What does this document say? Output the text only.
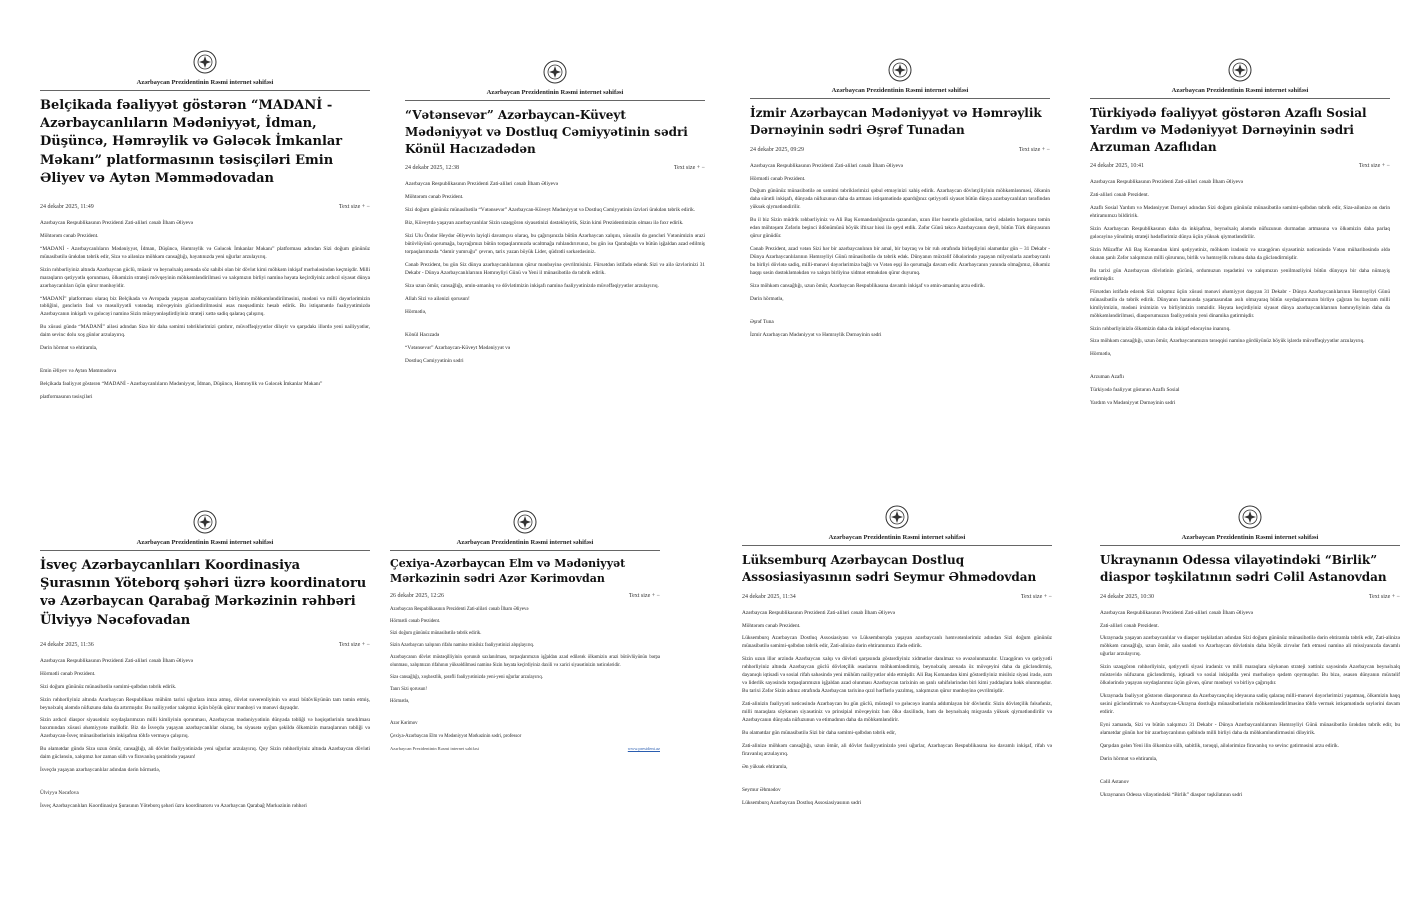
Azərbaycan Prezidentinin Rəsmi internet səhifəsi
Belçikada fəaliyyət göstərən “MADANİ - Azərbaycanlıların Mədəniyyət, İdman, Düşüncə, Həmrəylik və Gələcək İmkanlar Məkanı” platformasının təsisçiləri Emin Əliyev və Aytən Məmmədovadan
24 dekabr 2025, 11:49	Text size + −

Azərbaycan Respublikasının Prezidenti Zati-aliləri cənab İlham Əliyevə

Möhtərəm cənab Prezident.

“MADANİ - Azərbaycanlıların Mədəniyyət, İdman, Düşüncə, Həmrəylik və Gələcək İmkanlar Məkanı” platforması adından Sizi doğum gününüz münasibətilə ürəkdən təbrik edir, Sizə və ailənizə möhkəm cansağlığı, həyatınızda yeni uğurlar arzulayırıq.

Sizin rəhbərliyiniz altında Azərbaycan güclü, müasir və beynəlxalq arenada söz sahibi olan bir dövlət kimi möhkəm inkişaf mərhələsindən keçmişdir. Milli maraqların qətiyyətlə qorunması, ölkəmizin strateji mövqeyinin möhkəmləndirilməsi və xalqımızın birliyi naminə həyata keçirdiyiniz ardıcıl siyasət dünya azərbaycanlıları üçün qürur mənbəyidir.

“MADANİ” platforması olaraq biz Belçikada və Avropada yaşayan azərbaycanlıların birliyinin möhkəmləndirilməsini, mədəni və milli dəyərlərimizin təbliğini, gənclərin fəal və məsuliyyətli vətəndaş mövqeyinin gücləndirilməsini əsas məqsədimiz hesab edirik. Bu istiqamətdə fəaliyyətimizdə Azərbaycanın inkişafı və gələcəyi naminə Sizin müəyyənləşdirdiyiniz strateji xəttə sadiq qalaraq çalışırıq.

Bu xüsusi gündə “MADANİ” ailəsi adından Sizə bir daha səmimi təbriklərimizi çatdırır, müvəffəqiyyətlər diləyir və qarşıdakı illərdə yeni nailiyyətlər, daim sevinc dolu xoş günlər arzulayırıq.

Dərin hörmət və ehtiramla,

Emin Əliyev və Aytən Məmmədova

Belçikada fəaliyyət göstərən “MADANİ - Azərbaycanlıların Mədəniyyət, İdman, Düşüncə, Həmrəylik və Gələcək İmkanlar Məkanı”

platformasının təsisçiləri

Azərbaycan Prezidentinin Rəsmi internet səhifəsi
“Vətənsevər” Azərbaycan-Küveyt Mədəniyyət və Dostluq Cəmiyyətinin sədri Könül Hacızadədən
24 dekabr 2025, 12:38	Text size + −

Azərbaycan Respublikasının Prezidenti Zati-aliləri cənab İlham Əliyevə

Möhtərəm cənab Prezident.

Sizi doğum gününüz münasibətilə “Vətənsevər” Azərbaycan-Küveyt Mədəniyyət və Dostluq Cəmiyyətinin üzvləri ürəkdən təbrik edirik.

Biz, Küveytdə yaşayan azərbaycanlılar Sizin uzaqgörən siyasətinizi dəstəkləyirik, Sizin kimi Prezidentimizin olması ilə fəxr edirik.

Sizi Ulu Öndər Heydər Əliyevin layiqli davamçısı olaraq, bu çağırışınızla bütün Azərbaycan xalqını, xüsusilə də gəncləri Vətənimizin ərazi bütövlüyünü qorumağa, bayrağımızı bütün torpaqlarımızda ucaltmağa ruhlandırırsınız, bu gün isə Qarabağda və bütün işğaldan azad edilmiş torpaqlarımızda “dəmir yumruğu” çevrən, tarix yazan böyük Lider, qüdrətli sərkərdəsiniz.

Cənab Prezident, bu gün Siz dünya azərbaycanlılarının qürur mənbəyinə çevrilmisiniz. Fürsətdən istifadə edərək Sizi və ailə üzvlərinizi 31 Dekabr - Dünya Azərbaycanlılarının Həmrəyliyi Günü və Yeni il münasibətilə də təbrik edirik.

Sizə uzun ömür, cansağlığı, əmin-amanlıq və dövlətimizin inkişafı naminə fəaliyyətinizdə müvəffəqiyyətlər arzulayırıq.

Allah Sizi və ailənizi qorusun!

Hörmətlə,

Könül Hacızadə

“Vətənsevər” Azərbaycan-Küveyt Mədəniyyət və

Dostluq Cəmiyyətinin sədri

Azərbaycan Prezidentinin Rəsmi internet səhifəsi
İzmir Azərbaycan Mədəniyyət və Həmrəylik Dərnəyinin sədri Əşrəf Tunadan
24 dekabr 2025, 09:29	Text size + −

Azərbaycan Respublikasının Prezidenti Zati-aliləri cənab İlham Əliyevə

Hörmətli cənab Prezident.

Doğum gününüz münasibətilə ən səmimi təbriklərimizi qəbul etməyinizi xahiş edirik. Azərbaycan dövlətçiliyinin möhkəmlənməsi, ölkənin daha sürətli inkişafı, dünyada nüfuzunun daha da artması istiqamətində apardığınız qətiyyətli siyasət bütün dünya azərbaycanlıları tərəfindən yüksək qiymətləndirilir.

Bu il biz Sizin müdrik rəhbərliyiniz və Ali Baş Komandanlığınızla qazanılan, uzun illər həsrətlə gözlənilən, tarixi ədalətin bərpasını təmin edən möhtəşəm Zəfərin beşinci ildönümünü böyük iftixar hissi ilə qeyd etdik. Zəfər Günü təkcə Azərbaycanın deyil, bütün Türk dünyasının qürur günüdür.

Cənab Prezident, azad vətən Sizi hər bir azərbaycanlının bir amal, bir bayraq və bir ruh ətrafında birləşdiyini əlamətdar gün – 31 Dekabr - Dünya Azərbaycanlılarının Həmrəyliyi Günü münasibətilə də təbrik edək. Dünyanın müxtəlif ölkələrində yaşayan milyonlarla azərbaycanlı bu birliyi dövlətə sadiq, milli-mənəvi dəyərlərimizə bağlı və Vətən eşqi ilə qorumağa davam edir. Azərbaycanın yanında olmağımız, ölkəmiz haqqı səsin dəstəkləməkdən və xalqın birliyinə xidmət etməkdən qürur duyuruq.

Sizə möhkəm cansağlığı, uzun ömür, Azərbaycan Respublikasına davamlı inkişaf və əmin-amanlıq arzu edirik.

Dərin hörmətlə,

Əşrəf Tuna

İzmir Azərbaycan Mədəniyyət və Həmrəylik Dərnəyinin sədri

Azərbaycan Prezidentinin Rəsmi internet səhifəsi
Türkiyədə fəaliyyət göstərən Azaflı Sosial Yardım və Mədəniyyət Dərnəyinin sədri Arzuman Azaflıdan
24 dekabr 2025, 10:41	Text size + −

Azərbaycan Respublikasının Prezidenti Zati-aliləri cənab İlham Əliyevə

Zati-aliləri cənab Prezident.

Azaflı Sosial Yardım və Mədəniyyət Dərnəyi adından Sizi doğum gününüz münasibətilə səmimi-qəlbdən təbrik edir, Sizə-ailənizə ən dərin ehtiramımızı bildiririk.

Sizin Azərbaycan Respublikasının daha da inkişafına, beynəlxalq aləmdə nüfuzunun durmadan artmasına və ölkəmizin daha parlaq gələcəyinə yönəlmiş strateji hədəflərimiz dünya üçün yüksək qiymətləndirilir.

Sizin Müzəffər Ali Baş Komandan kimi qətiyyətiniz, möhkəm iradəniz və uzaqgörən siyasətiniz nəticəsində Vətən müharibəsində əldə olunan şanlı Zəfər xalqımızın milli qürurunu, birlik və həmrəylik ruhunu daha da gücləndirmişdir.

Bu tarixi gün Azərbaycan dövlətinin gücünü, ordumuzun rəşadətini və xalqımızın yenilməzliyini bütün dünyaya bir daha nümayiş etdirmişdir.

Fürsətdən istifadə edərək Sizi xalqımız üçün xüsusi mənəvi əhəmiyyət daşıyan 31 Dekabr - Dünya Azərbaycanlılarının Həmrəyliyi Günü münasibətilə də təbrik edirik. Dünyanın harasında yaşamasından asılı olmayaraq bütün soydaşlarımızın birliyə çağıran bu bayram milli kimliyimizin, mədəni irsimizin və birliyimizin rəmzidir. Həyata keçirdiyiniz siyasət dünya azərbaycanlılarının həmrəyliyinin daha da möhkəmləndirilməsi, diasporumuzun fəaliyyətinin yeni dinamika gətirmişdir.

Sizin rəhbərliyinizlə ölkəmizin daha da inkişaf edəcəyinə inanırıq.

Sizə möhkəm cansağlığı, uzun ömür, Azərbaycanımızın tərəqqisi naminə gördüyünüz böyük işlərdə müvəffəqiyyətlər arzulayırıq.

Hörmətlə,

Arzuman Azaflı

Türkiyədə fəaliyyət göstərən Azaflı Sosial

Yardım və Mədəniyyət Dərnəyinin sədri

Azərbaycan Prezidentinin Rəsmi internet səhifəsi
İsveç Azərbaycanlıları Koordinasiya Şurasının Yöteborq şəhəri üzrə koordinatoru və Azərbaycan Qarabağ Mərkəzinin rəhbəri Ülviyyə Nəcəfovadan
24 dekabr 2025, 11:36	Text size + −

Azərbaycan Respublikasının Prezidenti Zati-aliləri cənab İlham Əliyevə

Hörmətli cənab Prezident.

Sizi doğum gününüz münasibətilə səmimi-qəlbdən təbrik edirik.

Sizin rəhbərliyiniz altında Azərbaycan Respublikası mühüm tarixi uğurlara imza atmış, dövlət suverenliyinin və ərazi bütövlüyünün tam təmin etmiş, beynəlxalq aləmdə nüfuzunu daha da artırmışdır. Bu nailiyyətlər xalqımız üçün böyük qürur mənbəyi və mənəvi dayaqdır.

Sizin ardıcıl diaspor siyasətiniz soydaşlarımızın milli kimliyinin qorunması, Azərbaycan mədəniyyətinin dünyada təbliği və həqiqətlərinin tanıdılması baxımından xüsusi əhəmiyyətə malikdir. Biz də İsveçdə yaşayan azərbaycanlılar olaraq, bu siyasətə uyğun şəkildə ölkəmizin maraqlarının təbliği və Azərbaycan-İsveç münasibətlərinin inkişafına töhfə verməyə çalışırıq.

Bu əlamətdar gündə Sizə uzun ömür, cansağlığı, ali dövlət fəaliyyətinizdə yeni uğurlar arzulayırıq. Qoy Sizin rəhbərliyiniz altında Azərbaycan dövləti daim güclənsin, xalqımız hər zaman sülh və firavanlıq şəraitində yaşasın!

İsveçdə yaşayan azərbaycanlılar adından dərin hörmətlə,

Ülviyyə Nəcəfova

İsveç Azərbaycanlıları Koordinasiya Şurasının Yöteborq şəhəri üzrə koordinatoru və Azərbaycan Qarabağ Mərkəzinin rəhbəri

Azərbaycan Prezidentinin Rəsmi internet səhifəsi
Çexiya-Azərbaycan Elm və Mədəniyyət Mərkəzinin sədri Azər Kərimovdan
26 dekabr 2025, 12:26	Text size + −

Azərbaycan Respublikasının Prezidenti Zati-aliləri cənab İlham Əliyevə

Hörmətli cənab Prezident.

Sizi doğum gününüz münasibətilə təbrik edirik.

Sizin Azərbaycan xalqının rifahı naminə misilsiz fəaliyyətinizi alqışlayırıq.

Azərbaycanın dövlət müstəqilliyinin qorunub saxlanılması, torpaqlarımızın işğaldan azad edilərək ölkəmizin ərazi bütövlüyünün bərpa olunması, xalqımızın rifahının yüksəldilməsi naminə Sizin həyata keçirdiyiniz daxili və xarici siyasətinizin nəticələridir.

Sizə cansağlığı, xoşbəxtlik, şərəfli fəaliyyətinizdə yeni-yeni uğurlar arzulayırıq.

Tanrı Sizi qorusun!

Hörmətlə,

Azər Kərimov

Çexiya-Azərbaycan Elm və Mədəniyyət Mərkəzinin sədri, professor

Azərbaycan Prezidentinin Rəsmi internet səhifəsi	www.president.az
Azərbaycan Prezidentinin Rəsmi internet səhifəsi
Lüksemburq Azərbaycan Dostluq Assosiasiyasının sədri Seymur Əhmədovdan
24 dekabr 2025, 11:34	Text size + −

Azərbaycan Respublikasının Prezidenti Zati-aliləri cənab İlham Əliyevə

Möhtərəm cənab Prezident.

Lüksemburq Azərbaycan Dostluq Assosiasiyası və Lüksemburqda yaşayan azərbaycanlı həmvətənlərimiz adından Sizi doğum gününüz münasibətilə səmimi-qəlbdən təbrik edir, Zati-alinizə dərin ehtiramımızı ifadə edirik.

Sizin uzun illər ərzində Azərbaycan xalqı və dövləti qarşısında göstərdiyiniz xidmətlər danılmaz və əvəzolunmazdır. Uzaqgörən və qətiyyətli rəhbərliyiniz altında Azərbaycan güclü dövlətçilik əsaslarını möhkəmləndirmiş, beynəlxalq arenada öz mövqeyini daha da gücləndirmiş, dayanıqlı iqtisadi və sosial rifah sahəsində yeni mühüm nailiyyətlər əldə etmişdir. Ali Baş Komandan kimi göstərdiyiniz misilsiz siyasi iradə, əzm və liderlik sayəsində torpaqlarımızın işğaldan azad olunması Azərbaycan tarixinin ən şanlı səhifələrindən biri kimi yaddaşlara həkk olunmuşdur. Bu tarixi Zəfər Sizin adınız ətrafında Azərbaycan tarixinə qızıl hərflərlə yazılmış, xalqımızın qürur mənbəyinə çevrilmişdir.

Zati-alinizin fəaliyyəti nəticəsində Azərbaycan bu gün güclü, müstəqil və gələcəyə inamla addımlayan bir dövlətdir. Sizin dövlətçilik fəlsəfəniz, milli maraqlara söykənən siyasətiniz və prinsipial mövqeyiniz hən ölkə daxilində, həm də beynəlxalq miqyasda yüksək qiymətləndirilir və Azərbaycanın dünyada nüfuzunun və etimadının daha da möhkəmləndirir.

Bu əlamətdar gün münasibətilə Sizi bir daha səmimi-qəlbdən təbrik edir,

Zati-alinizə möhkəm cansağlığı, uzun ömür, ali dövlət fəaliyyətinizdə yeni uğurlar, Azərbaycan Respublikasına isə davamlı inkişaf, rifah və firavanlıq arzulayırıq.

Ən yüksək ehtiramla,

Seymur Əhmədov

Lüksemburq Azərbaycan Dostluq Assosiasiyasının sədri

Azərbaycan Prezidentinin Rəsmi internet səhifəsi
Ukraynanın Odessa vilayətindəki “Birlik” diaspor təşkilatının sədri Cəlil Astanovdan
24 dekabr 2025, 10:30	Text size + −

Azərbaycan Respublikasının Prezidenti Zati-aliləri cənab İlham Əliyevə

Zati-aliləri cənab Prezident.

Ukraynada yaşayan azərbaycanlılar və diaspor təşkilatları adından Sizi doğum gününüz münasibətilə dərin ehtiramla təbrik edir, Zati-alinizə möhkəm cansağlığı, uzun ömür, ailə səadəti və Azərbaycan dövlətinin daha böyük zirvələr fəth etməsi naminə ali missiyanızda davamlı uğurlar arzulayırıq.

Sizin uzaqgörən rəhbərliyiniz, qətiyyətli siyasi iradəniz və milli maraqlara söykənən strateji xəttiniz sayəsində Azərbaycan beynəlxalq müstəvidə nüfuzunu gücləndirmiş, iqtisadi və sosial inkişafda yeni mərhələyə qədəm qoymuşdur. Bu bizə, əsasən dünyanın müxtəlif ölkələrində yaşayan soydaşlarımız üçün güvən, qürur mənbəyi və birliyə çağırışdır.

Ukraynada fəaliyyət göstərən diasporumuz da Azərbaycançılıq ideyasına sadiq qalaraq milli-mənəvi dəyərlərimizi yaşatmaq, ölkəmizin haqq səsini gücləndirmək və Azərbaycan-Ukrayna dostluğu münasibətlərinin möhkəmləndirilməsinə töhfə vermək istiqamətində səylərini davam etdirir.

Eyni zamanda, Sizi və bütün xalqımızı 31 Dekabr - Dünya Azərbaycanlılarının Həmrəyliyi Günü münasibətilə ürəkdən təbrik edir, bu əlamətdar günün hər bir azərbaycanlının qəlbində milli birliyi daha da möhkəmləndirməsini diləyirik.

Qarşıdan gələn Yeni ilin ölkəmizə sülh, sabitlik, tərəqqi, ailələrimizə firavanlıq və sevinc gətirməsini arzu edirik.

Dərin hörmət və ehtiramla,

Cəlil Astanov

Ukraynanın Odessa vilayətindəki “Birlik” diaspor təşkilatının sədri
